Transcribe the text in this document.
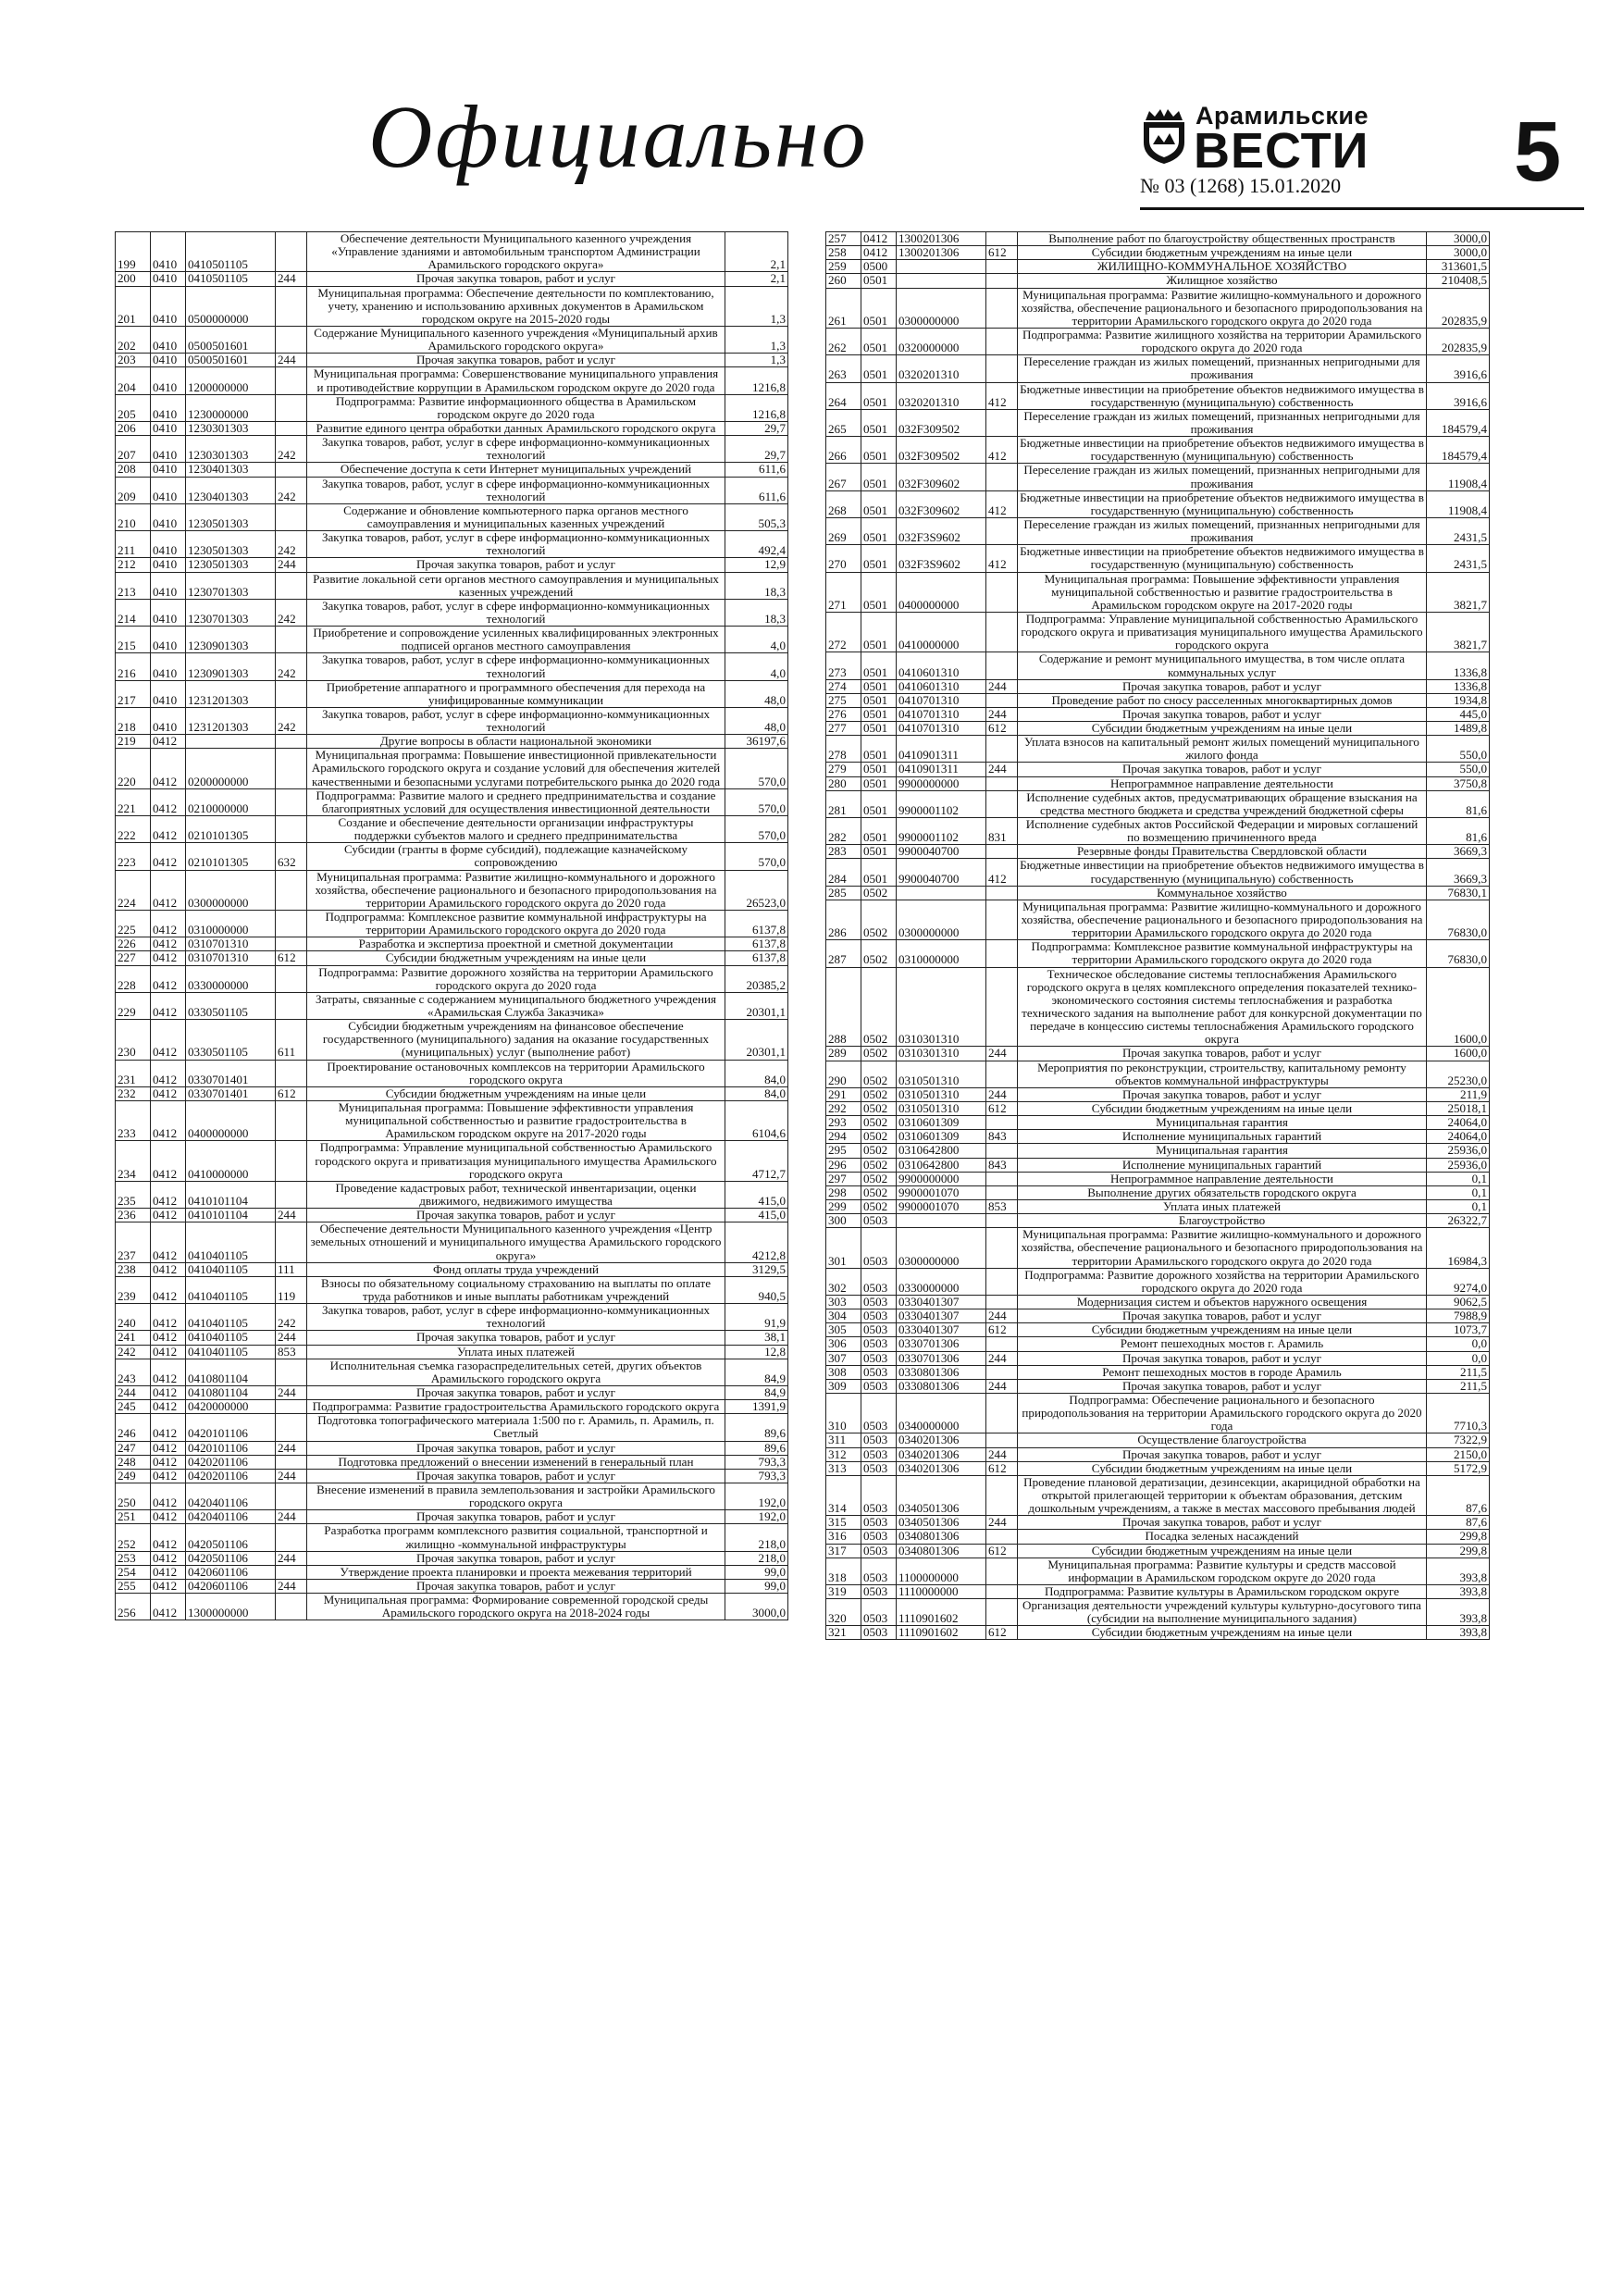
Официально	Арамильские
ВЕСТИ
№ 03 (1268) 15.01.2020 5
199	0410	0410501105		Обеспечение деятельности Муниципального казенного учреждения «Управление зданиями и автомобильным транспортом Администрации Арамильского городского округа»	2,1
200	0410	0410501105	244	Прочая закупка товаров, работ и услуг	2,1
201	0410	0500000000		Муниципальная программа: Обеспечение деятельности по комплектованию, учету, хранению и использованию архивных документов в Арамильском городском округе на 2015-2020 годы	1,3
202	0410	0500501601		Содержание Муниципального казенного учреждения «Муниципальный архив Арамильского городского округа»	1,3
203	0410	0500501601	244	Прочая закупка товаров, работ и услуг	1,3
204	0410	1200000000		Муниципальная программа: Совершенствование муниципального управления и противодействие коррупции в Арамильском городском округе до 2020 года	1216,8
205	0410	1230000000		Подпрограмма: Развитие информационного общества в Арамильском городском округе до 2020 года	1216,8
206	0410	1230301303		Развитие единого центра обработки данных Арамильского городского округа	29,7
207	0410	1230301303	242	Закупка товаров, работ, услуг в сфере информационно-коммуникационных технологий	29,7
208	0410	1230401303		Обеспечение доступа к сети Интернет муниципальных учреждений	611,6
209	0410	1230401303	242	Закупка товаров, работ, услуг в сфере информационно-коммуникационных технологий	611,6
210	0410	1230501303		Содержание и обновление компьютерного парка органов местного самоуправления и муниципальных казенных учреждений	505,3
211	0410	1230501303	242	Закупка товаров, работ, услуг в сфере информационно-коммуникационных технологий	492,4
212	0410	1230501303	244	Прочая закупка товаров, работ и услуг	12,9
213	0410	1230701303		Развитие локальной сети органов местного самоуправления и муниципальных казенных учреждений	18,3
214	0410	1230701303	242	Закупка товаров, работ, услуг в сфере информационно-коммуникационных технологий	18,3
215	0410	1230901303		Приобретение и сопровождение усиленных квалифицированных электронных подписей органов местного самоуправления	4,0
216	0410	1230901303	242	Закупка товаров, работ, услуг в сфере информационно-коммуникационных технологий	4,0
217	0410	1231201303		Приобретение аппаратного и программного обеспечения для перехода на унифицированные коммуникации	48,0
218	0410	1231201303	242	Закупка товаров, работ, услуг в сфере информационно-коммуникационных технологий	48,0
219	0412			Другие вопросы в области национальной экономики	36197,6
220	0412	0200000000		Муниципальная программа: Повышение инвестиционной привлекательности Арамильского городского округа и создание условий для обеспечения жителей качественными и безопасными услугами потребительского рынка до 2020 года	570,0
221	0412	0210000000		Подпрограмма: Развитие малого и среднего предпринимательства и создание благоприятных условий для осуществления инвестиционной деятельности	570,0
222	0412	0210101305		Создание и обеспечение деятельности организации инфраструктуры поддержки субъектов малого и среднего предпринимательства	570,0
223	0412	0210101305	632	Субсидии (гранты в форме субсидий), подлежащие казначейскому сопровождению	570,0
224	0412	0300000000		Муниципальная программа: Развитие жилищно-коммунального и дорожного хозяйства, обеспечение рационального и безопасного природопользования на территории Арамильского городского округа до 2020 года	26523,0
225	0412	0310000000		Подпрограмма: Комплексное развитие коммунальной инфраструктуры на территории Арамильского городского округа до 2020 года	6137,8
226	0412	0310701310		Разработка и экспертиза проектной и сметной документации	6137,8
227	0412	0310701310	612	Субсидии бюджетным учреждениям на иные цели	6137,8
228	0412	0330000000		Подпрограмма: Развитие дорожного хозяйства на территории Арамильского городского округа до 2020 года	20385,2
229	0412	0330501105		Затраты, связанные с содержанием муниципального бюджетного учреждения «Арамильская Служба Заказчика»	20301,1
230	0412	0330501105	611	Субсидии бюджетным учреждениям на финансовое обеспечение государственного (муниципального) задания на оказание государственных (муниципальных) услуг (выполнение работ)	20301,1
231	0412	0330701401		Проектирование остановочных комплексов на территории Арамильского городского округа	84,0
232	0412	0330701401	612	Субсидии бюджетным учреждениям на иные цели	84,0
233	0412	0400000000		Муниципальная программа: Повышение эффективности управления муниципальной собственностью и развитие градостроительства в Арамильском городском округе на 2017-2020 годы	6104,6
234	0412	0410000000		Подпрограмма: Управление муниципальной собственностью Арамильского городского округа и приватизация муниципального имущества Арамильского городского округа	4712,7
235	0412	0410101104		Проведение кадастровых работ, технической инвентаризации, оценки движимого, недвижимого имущества	415,0
236	0412	0410101104	244	Прочая закупка товаров, работ и услуг	415,0
237	0412	0410401105		Обеспечение деятельности Муниципального казенного учреждения «Центр земельных отношений и муниципального имущества Арамильского городского округа»	4212,8
238	0412	0410401105	111	Фонд оплаты труда учреждений	3129,5
239	0412	0410401105	119	Взносы по обязательному социальному страхованию на выплаты по оплате труда работников и иные выплаты работникам учреждений	940,5
240	0412	0410401105	242	Закупка товаров, работ, услуг в сфере информационно-коммуникационных технологий	91,9
241	0412	0410401105	244	Прочая закупка товаров, работ и услуг	38,1
242	0412	0410401105	853	Уплата иных платежей	12,8
243	0412	0410801104		Исполнительная съемка газораспределительных сетей, других объектов Арамильского городского округа	84,9
244	0412	0410801104	244	Прочая закупка товаров, работ и услуг	84,9
245	0412	0420000000		Подпрограмма: Развитие градостроительства Арамильского городского округа	1391,9
246	0412	0420101106		Подготовка топографического материала 1:500 по г. Арамиль, п. Арамиль, п. Светлый	89,6
247	0412	0420101106	244	Прочая закупка товаров, работ и услуг	89,6
248	0412	0420201106		Подготовка предложений о внесении изменений в генеральный план	793,3
249	0412	0420201106	244	Прочая закупка товаров, работ и услуг	793,3
250	0412	0420401106		Внесение изменений в правила землепользования и застройки Арамильского городского округа	192,0
251	0412	0420401106	244	Прочая закупка товаров, работ и услуг	192,0
252	0412	0420501106		Разработка программ комплексного развития социальной, транспортной и жилищно -коммунальной инфраструктуры	218,0
253	0412	0420501106	244	Прочая закупка товаров, работ и услуг	218,0
254	0412	0420601106		Утверждение проекта планировки и проекта межевания территорий	99,0
255	0412	0420601106	244	Прочая закупка товаров, работ и услуг	99,0
256	0412	1300000000		Муниципальная программа: Формирование современной городской среды Арамильского городского округа на 2018-2024 годы	3000,0
257	0412	1300201306		Выполнение работ по благоустройству общественных пространств	3000,0
258	0412	1300201306	612	Субсидии бюджетным учреждениям на иные цели	3000,0
259	0500			ЖИЛИЩНО-КОММУНАЛЬНОЕ ХОЗЯЙСТВО	313601,5
260	0501			Жилищное хозяйство	210408,5
261	0501	0300000000		Муниципальная программа: Развитие жилищно-коммунального и дорожного хозяйства, обеспечение рационального и безопасного природопользования на территории Арамильского городского округа до 2020 года	202835,9
262	0501	0320000000		Подпрограмма: Развитие жилищного хозяйства на территории Арамильского городского округа до 2020 года	202835,9
263	0501	0320201310		Переселение граждан из жилых помещений, признанных непригодными для проживания	3916,6
264	0501	0320201310	412	Бюджетные инвестиции на приобретение объектов недвижимого имущества в государственную (муниципальную) собственность	3916,6
265	0501	032F309502		Переселение граждан из жилых помещений, признанных непригодными для проживания	184579,4
266	0501	032F309502	412	Бюджетные инвестиции на приобретение объектов недвижимого имущества в государственную (муниципальную) собственность	184579,4
267	0501	032F309602		Переселение граждан из жилых помещений, признанных непригодными для проживания	11908,4
268	0501	032F309602	412	Бюджетные инвестиции на приобретение объектов недвижимого имущества в государственную (муниципальную) собственность	11908,4
269	0501	032F3S9602		Переселение граждан из жилых помещений, признанных непригодными для проживания	2431,5
270	0501	032F3S9602	412	Бюджетные инвестиции на приобретение объектов недвижимого имущества в государственную (муниципальную) собственность	2431,5
271	0501	0400000000		Муниципальная программа: Повышение эффективности управления муниципальной собственностью и развитие градостроительства в Арамильском городском округе на 2017-2020 годы	3821,7
272	0501	0410000000		Подпрограмма: Управление муниципальной собственностью Арамильского городского округа и приватизация муниципального имущества Арамильского городского округа	3821,7
273	0501	0410601310		Содержание и ремонт муниципального имущества, в том числе оплата коммунальных услуг	1336,8
274	0501	0410601310	244	Прочая закупка товаров, работ и услуг	1336,8
275	0501	0410701310		Проведение работ по сносу расселенных многоквартирных домов	1934,8
276	0501	0410701310	244	Прочая закупка товаров, работ и услуг	445,0
277	0501	0410701310	612	Субсидии бюджетным учреждениям на иные цели	1489,8
278	0501	0410901311		Уплата взносов на капитальный ремонт жилых помещений муниципального жилого фонда	550,0
279	0501	0410901311	244	Прочая закупка товаров, работ и услуг	550,0
280	0501	9900000000		Непрограммное направление деятельности	3750,8
281	0501	9900001102		Исполнение судебных актов, предусматривающих обращение взыскания на средства местного бюджета и средства учреждений бюджетной сферы	81,6
282	0501	9900001102	831	Исполнение судебных актов Российской Федерации и мировых соглашений по возмещению причиненного вреда	81,6
283	0501	9900040700		Резервные фонды Правительства Свердловской области	3669,3
284	0501	9900040700	412	Бюджетные инвестиции на приобретение объектов недвижимого имущества в государственную (муниципальную) собственность	3669,3
285	0502			Коммунальное хозяйство	76830,1
286	0502	0300000000		Муниципальная программа: Развитие жилищно-коммунального и дорожного хозяйства, обеспечение рационального и безопасного природопользования на территории Арамильского городского округа до 2020 года	76830,0
287	0502	0310000000		Подпрограмма: Комплексное развитие коммунальной инфраструктуры на территории Арамильского городского округа до 2020 года	76830,0
288	0502	0310301310		Техническое обследование системы теплоснабжения Арамильского городского округа в целях комплексного определения показателей технико-экономического состояния системы теплоснабжения и разработка технического задания на выполнение работ для конкурсной документации по передаче в концессию системы теплоснабжения Арамильского городского округа	1600,0
289	0502	0310301310	244	Прочая закупка товаров, работ и услуг	1600,0
290	0502	0310501310		Мероприятия по реконструкции, строительству, капитальному ремонту объектов коммунальной инфраструктуры	25230,0
291	0502	0310501310	244	Прочая закупка товаров, работ и услуг	211,9
292	0502	0310501310	612	Субсидии бюджетным учреждениям на иные цели	25018,1
293	0502	0310601309		Муниципальная гарантия	24064,0
294	0502	0310601309	843	Исполнение муниципальных гарантий	24064,0
295	0502	0310642800		Муниципальная гарантия	25936,0
296	0502	0310642800	843	Исполнение муниципальных гарантий	25936,0
297	0502	9900000000		Непрограммное направление деятельности	0,1
298	0502	9900001070		Выполнение других обязательств городского округа	0,1
299	0502	9900001070	853	Уплата иных платежей	0,1
300	0503			Благоустройство	26322,7
301	0503	0300000000		Муниципальная программа: Развитие жилищно-коммунального и дорожного хозяйства, обеспечение рационального и безопасного природопользования на территории Арамильского городского округа до 2020 года	16984,3
302	0503	0330000000		Подпрограмма: Развитие дорожного хозяйства на территории Арамильского городского округа до 2020 года	9274,0
303	0503	0330401307		Модернизация систем и объектов наружного освещения	9062,5
304	0503	0330401307	244	Прочая закупка товаров, работ и услуг	7988,9
305	0503	0330401307	612	Субсидии бюджетным учреждениям на иные цели	1073,7
306	0503	0330701306		Ремонт пешеходных мостов г. Арамиль	0,0
307	0503	0330701306	244	Прочая закупка товаров, работ и услуг	0,0
308	0503	0330801306		Ремонт пешеходных мостов в городе Арамиль	211,5
309	0503	0330801306	244	Прочая закупка товаров, работ и услуг	211,5
310	0503	0340000000		Подпрограмма: Обеспечение рационального и безопасного природопользования на территории Арамильского городского округа до 2020 года	7710,3
311	0503	0340201306		Осуществление благоустройства	7322,9
312	0503	0340201306	244	Прочая закупка товаров, работ и услуг	2150,0
313	0503	0340201306	612	Субсидии бюджетным учреждениям на иные цели	5172,9
314	0503	0340501306		Проведение плановой дератизации, дезинсекции, акарицидной обработки на открытой прилегающей территории к объектам образования, детским дошкольным учреждениям, а также в местах массового пребывания людей	87,6
315	0503	0340501306	244	Прочая закупка товаров, работ и услуг	87,6
316	0503	0340801306		Посадка зеленых насаждений	299,8
317	0503	0340801306	612	Субсидии бюджетным учреждениям на иные цели	299,8
318	0503	1100000000		Муниципальная программа: Развитие культуры и средств массовой информации в Арамильском городском округе до 2020 года	393,8
319	0503	1110000000		Подпрограмма: Развитие культуры в Арамильском городском округе	393,8
320	0503	1110901602		Организация деятельности учреждений культуры культурно-досугового типа (субсидии на выполнение муниципального задания)	393,8
321	0503	1110901602	612	Субсидии бюджетным учреждениям на иные цели	393,8
